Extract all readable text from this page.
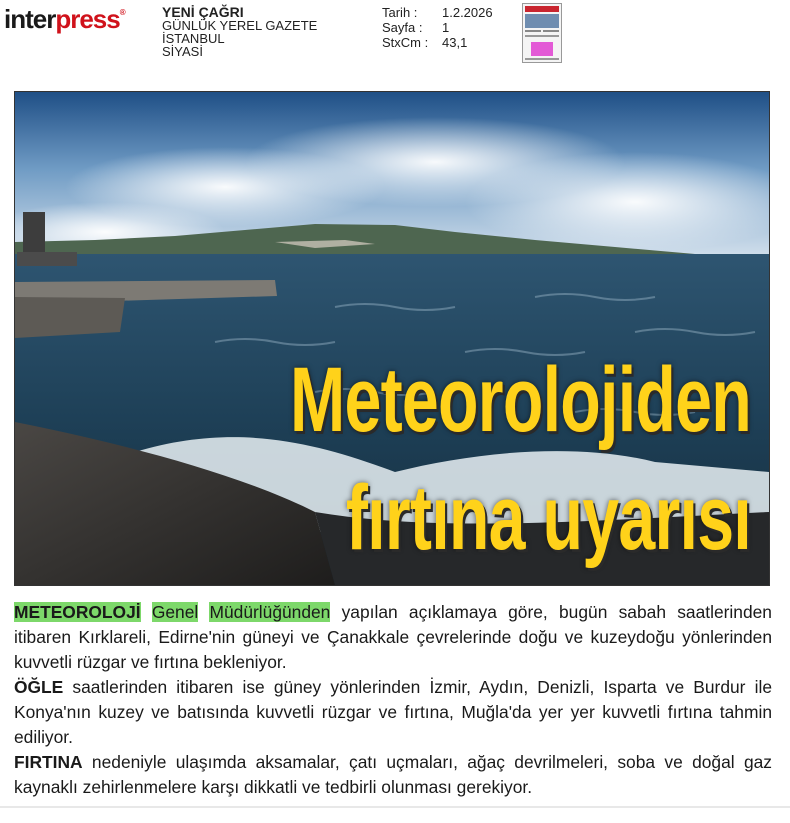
interpress®	YENİ ÇAĞRI
GÜNLÜK YEREL GAZETE
İSTANBUL
SİYASİ
Tarih :	1.2.2026
Sayfa :	1
StxCm :	43,1
Meteorolojiden
fırtına uyarısı

METEOROLOJİ Genel Müdürlüğünden yapılan açıklamaya göre, bugün sabah saatlerinden itibaren Kırklareli, Edirne'nin güneyi ve Çanakkale çevrelerinde doğu ve kuzeydoğu yönlerinden kuvvetli rüzgar ve fırtına bekleniyor.

ÖĞLE saatlerinden itibaren ise güney yönlerinden İzmir, Aydın, Denizli, Isparta ve Burdur ile Konya'nın kuzey ve batısında kuvvetli rüzgar ve fırtına, Muğla'da yer yer kuvvetli fırtına tahmin ediliyor.

FIRTINA nedeniyle ulaşımda aksamalar, çatı uçmaları, ağaç devrilmeleri, soba ve doğal gaz kaynaklı zehirlenmelere karşı dikkatli ve tedbirli olunması gerekiyor.
